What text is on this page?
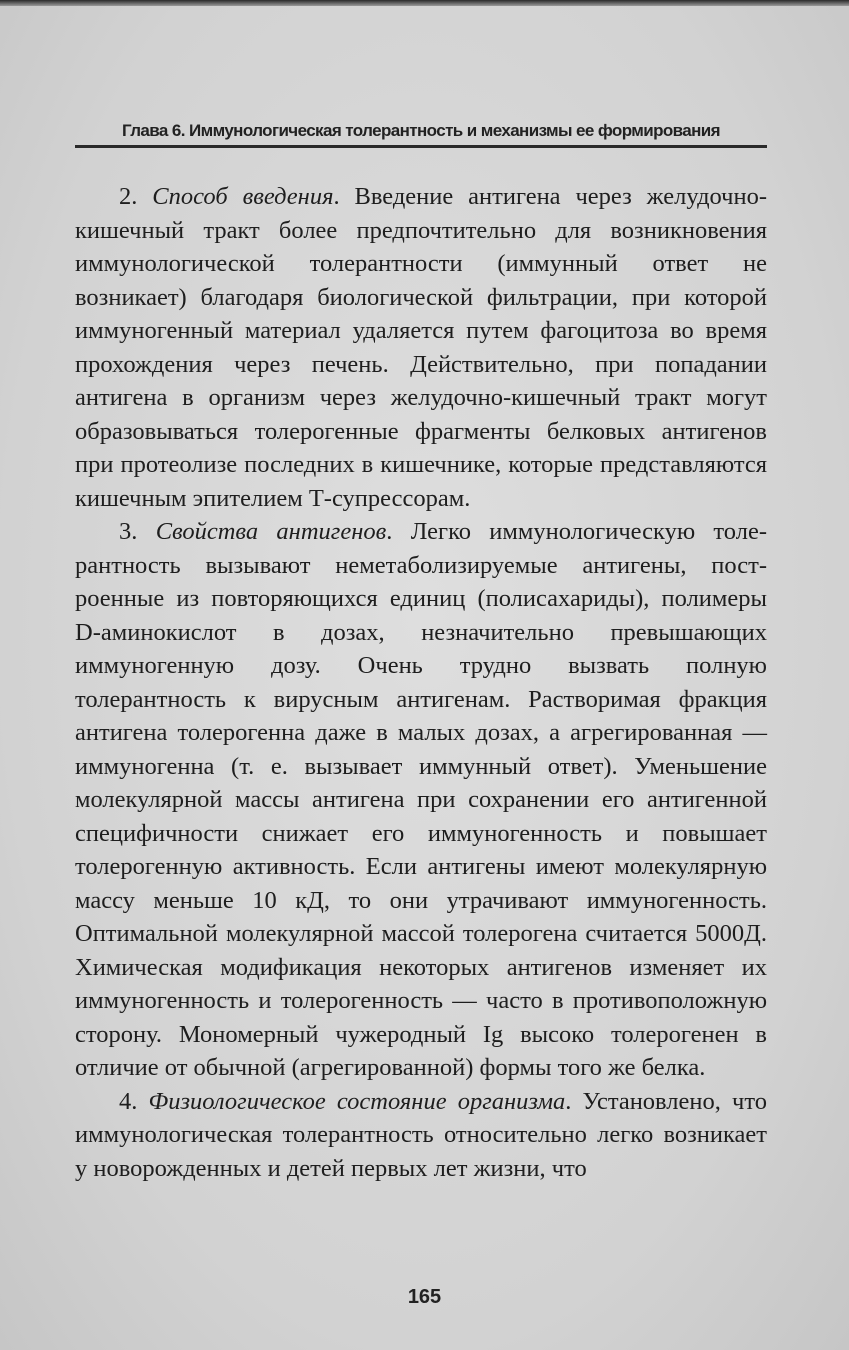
Глава 6. Иммунологическая толерантность и механизмы ее формирования

2. Способ введения. Введение антигена через желудочно-кишечный тракт более предпочтительно для возникновения иммунологической толерантности (иммунный ответ не возникает) благодаря биологической фильтрации, при которой иммуногенный материал удаляется путем фагоцитоза во время прохождения через печень. Действительно, при попадании антигена в организм через желудочно-кишечный тракт могут образовываться толерогенные фрагменты белковых антигенов при протеолизе последних в кишечнике, которые представляются кишечным эпителием Т-супрессорам.

3. Свойства антигенов. Легко иммунологическую толерантность вызывают неметаболизируемые антигены, построенные из повторяющихся единиц (полисахариды), полимеры D-аминокислот в дозах, незначительно превышающих иммуногенную дозу. Очень трудно вызвать полную толерантность к вирусным антигенам. Растворимая фракция антигена толерогенна даже в малых дозах, а агрегированная — иммуногенна (т. е. вызывает иммунный ответ). Уменьшение молекулярной массы антигена при сохранении его антигенной специфичности снижает его иммуногенность и повышает толерогенную активность. Если антигены имеют молекулярную массу меньше 10 кД, то они утрачивают иммуногенность. Оптимальной молекулярной массой толерогена считается 5000Д. Химическая модификация некоторых антигенов изменяет их иммуногенность и толерогенность — часто в противоположную сторону. Мономерный чужеродный Ig высоко толерогенен в отличие от обычной (агрегированной) формы того же белка.

4. Физиологическое состояние организма. Установлено, что иммунологическая толерантность относительно легко возникает у новорожденных и детей первых лет жизни, что

165
